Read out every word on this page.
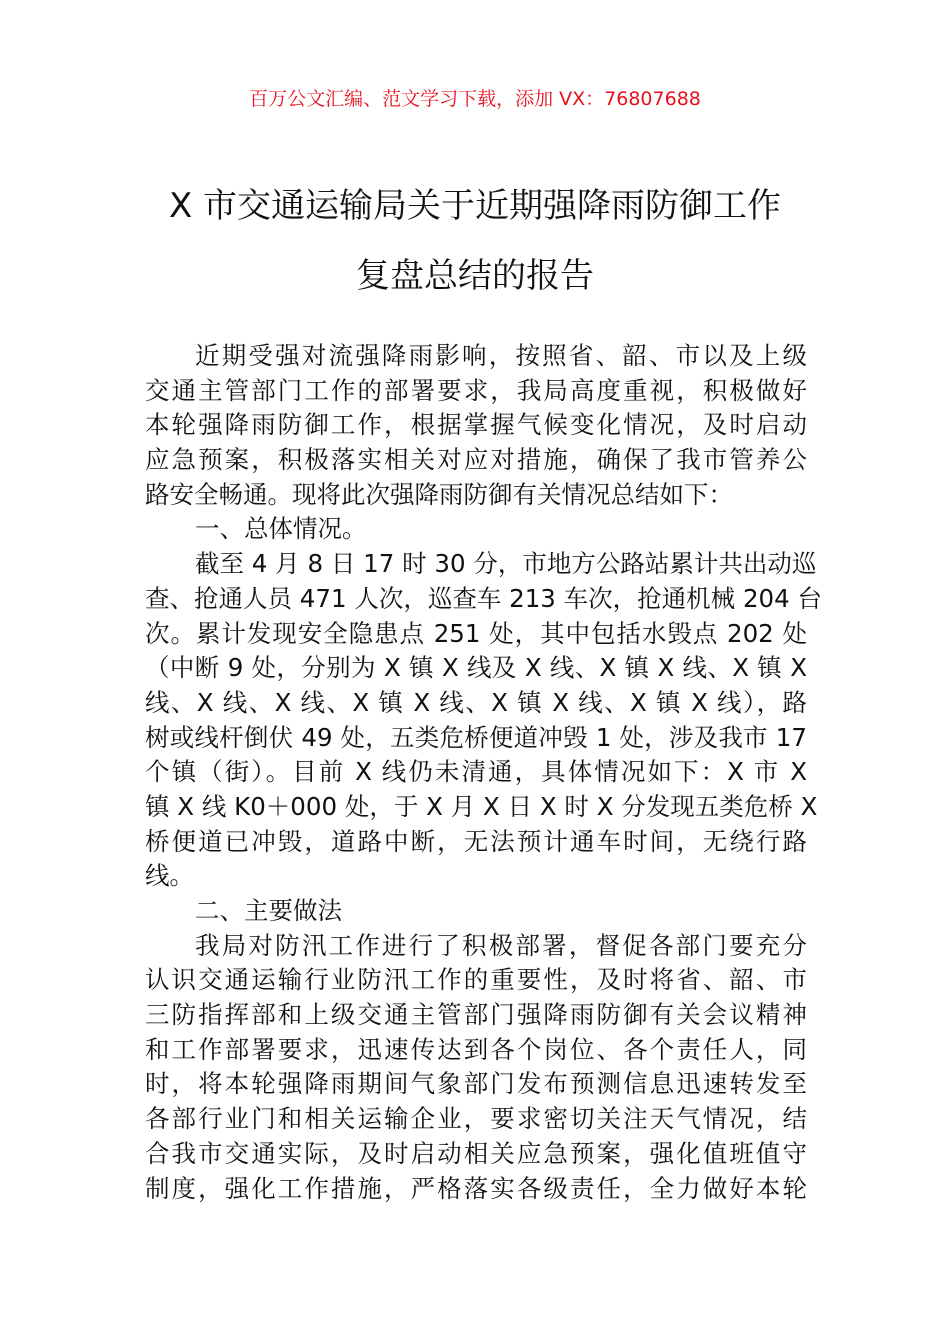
百万公文汇编、范文学习下载，添加 VX：76807688
X 市交通运输局关于近期强降雨防御工作
复盘总结的报告
近期受强对流强降雨影响，按照省、韶、市以及上级
交通主管部门工作的部署要求，我局高度重视，积极做好
本轮强降雨防御工作，根据掌握气候变化情况，及时启动
应急预案，积极落实相关对应对措施，确保了我市管养公
路安全畅通。现将此次强降雨防御有关情况总结如下：
一、总体情况。
截至 4 月 8 日 17 时 30 分，市地方公路站累计共出动巡
查、抢通人员 471 人次，巡查车 213 车次，抢通机械 204 台
次。累计发现安全隐患点 251 处，其中包括水毁点 202 处
（中断 9 处，分别为 X 镇 X 线及 X 线、X 镇 X 线、X 镇 X
线、X 线、X 线、X 镇 X 线、X 镇 X 线、X 镇 X 线），路
树或线杆倒伏 49 处，五类危桥便道冲毁 1 处，涉及我市 17
个镇（街）。目前 X 线仍未清通，具体情况如下：X 市 X
镇 X 线 K0＋000 处，于 X 月 X 日 X 时 X 分发现五类危桥 X
桥便道已冲毁，道路中断，无法预计通车时间，无绕行路
线。
二、主要做法
我局对防汛工作进行了积极部署，督促各部门要充分
认识交通运输行业防汛工作的重要性，及时将省、韶、市
三防指挥部和上级交通主管部门强降雨防御有关会议精神
和工作部署要求，迅速传达到各个岗位、各个责任人，同
时，将本轮强降雨期间气象部门发布预测信息迅速转发至
各部行业门和相关运输企业，要求密切关注天气情况，结
合我市交通实际，及时启动相关应急预案，强化值班值守
制度，强化工作措施，严格落实各级责任，全力做好本轮
